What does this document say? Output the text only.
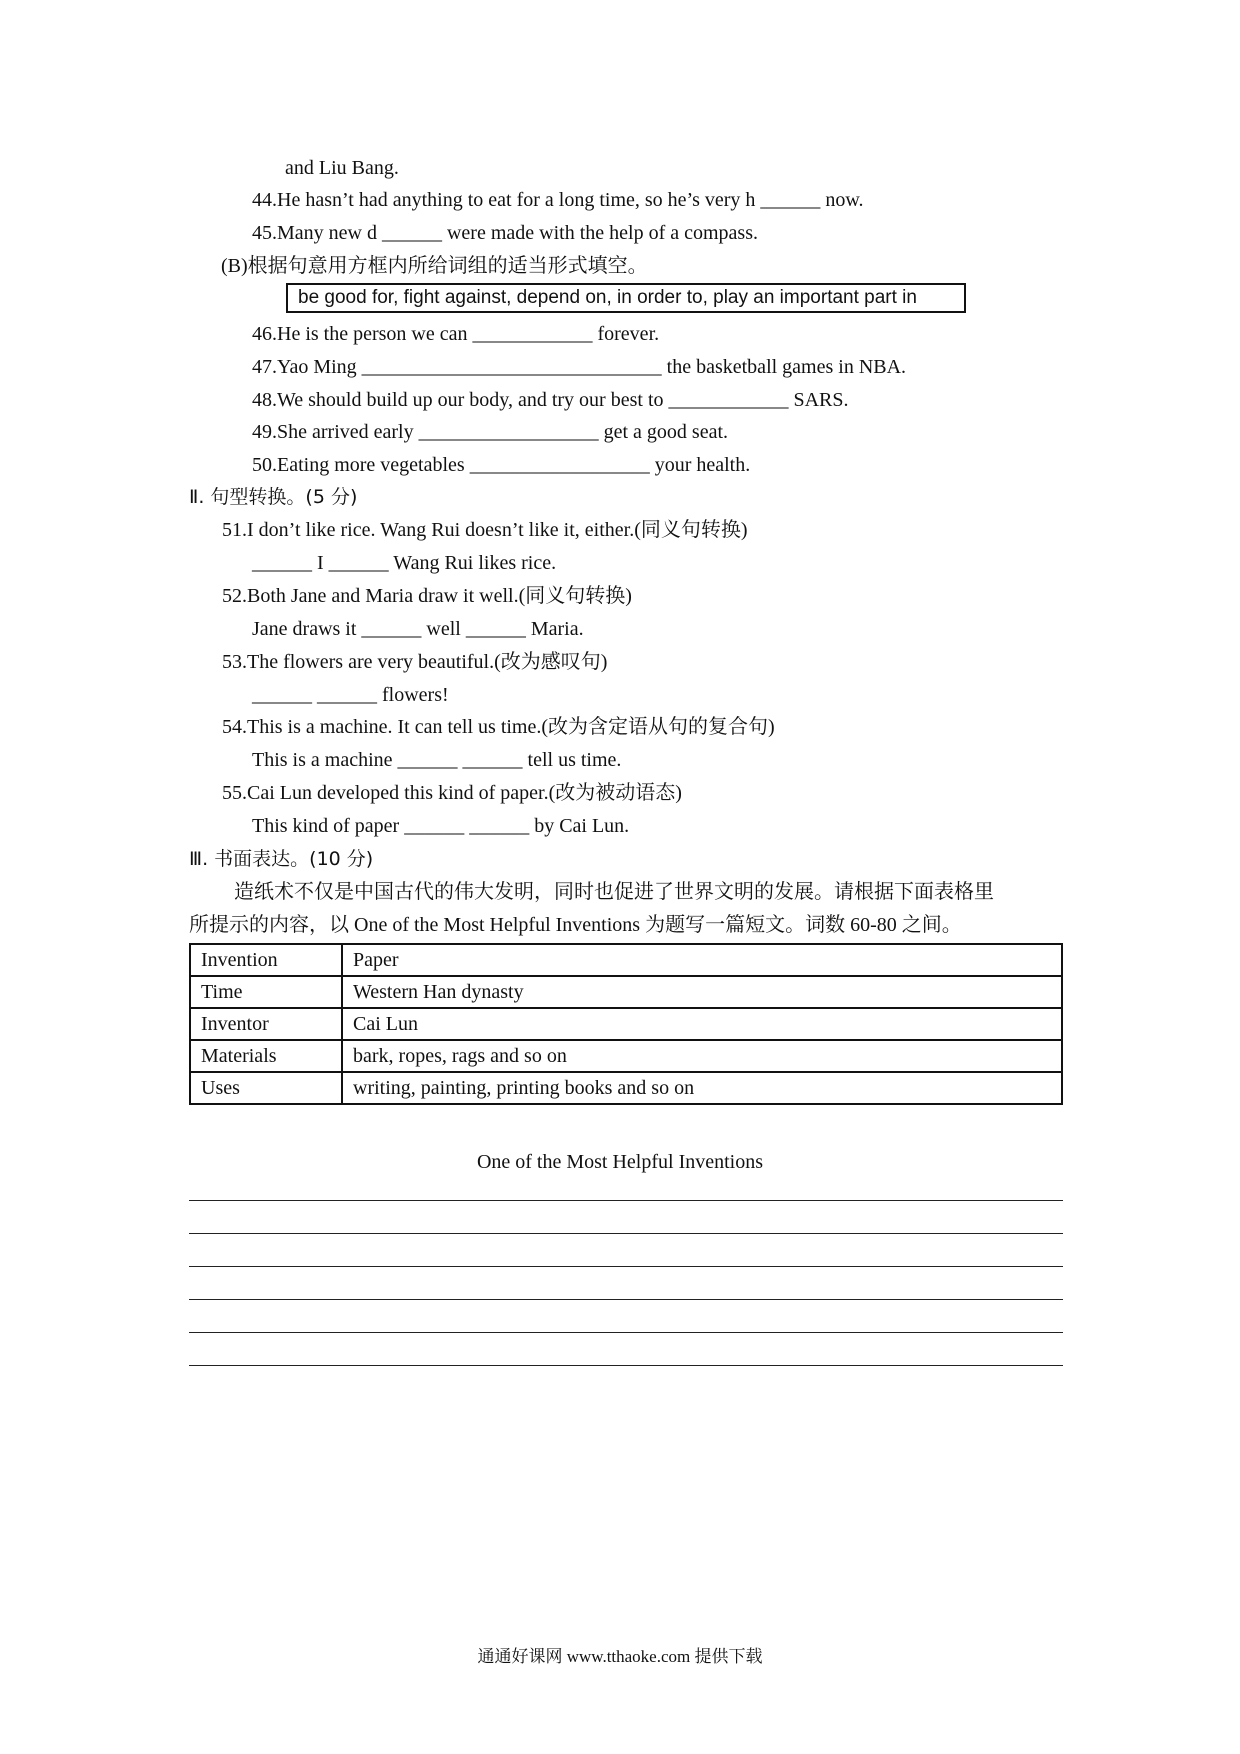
and Liu Bang.
44.He hasn’t had anything to eat for a long time, so he’s very h ______ now.
45.Many new d ______ were made with the help of a compass.
(B)根据句意用方框内所给词组的适当形式填空。
be good for, fight against, depend on, in order to, play an important part in
46.He is the person we can ____________ forever.
47.Yao Ming ______________________________ the basketball games in NBA.
48.We should build up our body, and try our best to ____________ SARS.
49.She arrived early __________________ get a good seat.
50.Eating more vegetables __________________ your health.
Ⅱ. 句型转换。(5 分)
51.I don’t like rice. Wang Rui doesn’t like it, either.(同义句转换)
______ I ______ Wang Rui likes rice.
52.Both Jane and Maria draw it well.(同义句转换)
Jane draws it ______ well ______ Maria.
53.The flowers are very beautiful.(改为感叹句)
______ ______ flowers!
54.This is a machine. It can tell us time.(改为含定语从句的复合句)
This is a machine ______ ______ tell us time.
55.Cai Lun developed this kind of paper.(改为被动语态)
This kind of paper ______ ______ by Cai Lun.
Ⅲ. 书面表达。(10 分)
造纸术不仅是中国古代的伟大发明，同时也促进了世界文明的发展。请根据下面表格里
所提示的内容，以 One of the Most Helpful Inventions 为题写一篇短文。词数 60-80 之间。
Invention	Paper
Time	Western Han dynasty
Inventor	Cai Lun
Materials	bark, ropes, rags and so on
Uses	writing, painting, printing books and so on
One of the Most Helpful Inventions
通通好课网 www.tthaoke.com 提供下载
